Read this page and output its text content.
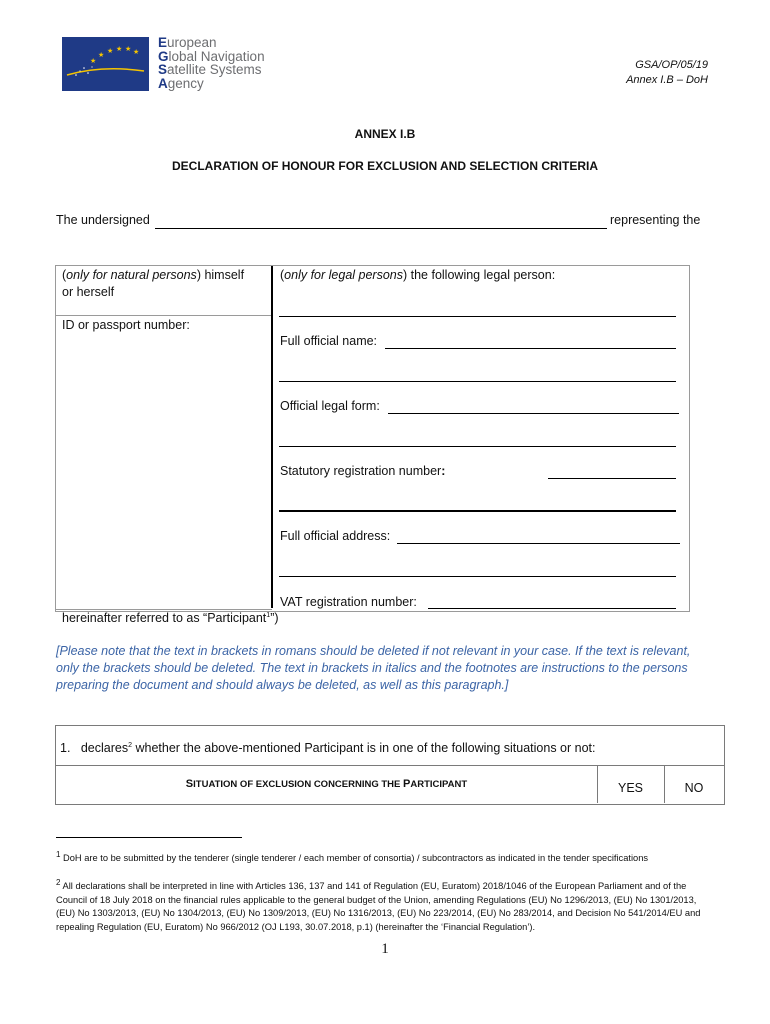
★
★ ★ ★ ★ ★
European
Global Navigation
Satellite Systems
Agency
GSA/OP/05/19
Annex I.B – DoH
ANNEX I.B
DECLARATION OF HONOUR FOR EXCLUSION AND SELECTION CRITERIA
The undersigned	representing the
(only for natural persons) himself
or herself
ID or passport number:
(only for legal persons) the following legal person:
Full official name:
Official legal form:
Statutory registration number:
Full official address:
VAT registration number:
hereinafter referred to as “Participant$^1$”)
[Please note that the text in brackets in romans should be deleted if not relevant in your case. If the text is relevant, only the brackets should be deleted. The text in brackets in italics and the footnotes are instructions to the persons preparing the document and should always be deleted, as well as this paragraph.]
1. declares$^2$ whether the above-mentioned Participant is in one of the following situations or not:
SITUATION OF EXCLUSION CONCERNING THE PARTICIPANT	YES	NO
$^1$ DoH are to be submitted by the tenderer (single tenderer / each member of consortia) / subcontractors as indicated in the tender specifications
$^2$ All declarations shall be interpreted in line with Articles 136, 137 and 141 of Regulation (EU, Euratom) 2018/1046 of the European Parliament and of the Council of 18 July 2018 on the financial rules applicable to the general budget of the Union, amending Regulations (EU) No 1296/2013, (EU) No 1301/2013, (EU) No 1303/2013, (EU) No 1304/2013, (EU) No 1309/2013, (EU) No 1316/2013, (EU) No 223/2014, (EU) No 283/2014, and Decision No 541/2014/EU and repealing Regulation (EU, Euratom) No 966/2012 (OJ L193, 30.07.2018, p.1) (hereinafter the ‘Financial Regulation’).
1
